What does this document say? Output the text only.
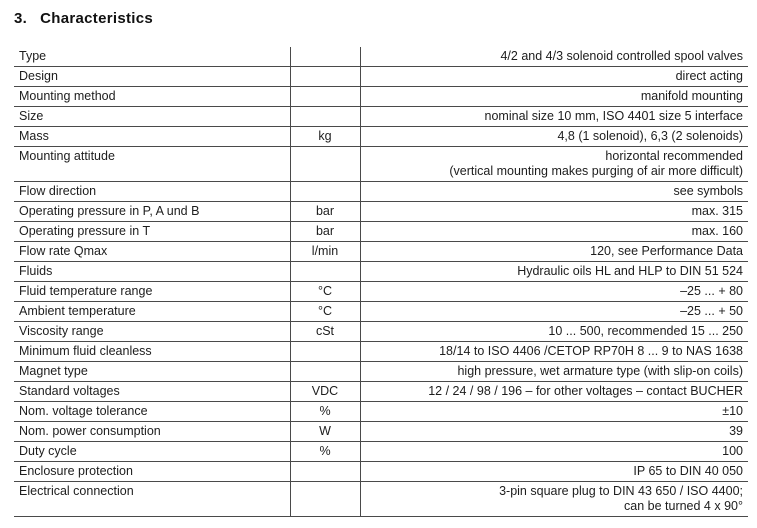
3. Characteristics
Type		4/2 and 4/3 solenoid controlled spool valves

Design		direct acting

Mounting method		manifold mounting

Size		nominal size 10 mm, ISO 4401 size 5 interface

Mass	kg	4,8 (1 solenoid), 6,3 (2 solenoids)

Mounting attitude		horizontal recommended
(vertical mounting makes purging of air more difficult)

Flow direction		see symbols

Operating pressure in P, A und B	bar	max. 315

Operating pressure in T	bar	max. 160

Flow rate Qmax	l/min	120, see Performance Data

Fluids		Hydraulic oils HL and HLP to DIN 51 524

Fluid temperature range	°C	–25 ... + 80

Ambient temperature	°C	–25 ... + 50

Viscosity range	cSt	10 ... 500, recommended 15 ... 250

Minimum fluid cleanless		18/14 to ISO 4406 /CETOP RP70H 8 ... 9 to NAS 1638

Magnet type		high pressure, wet armature type (with slip-on coils)

Standard voltages	VDC	12 / 24 / 98 / 196 – for other voltages – contact BUCHER

Nom. voltage tolerance	%	±10

Nom. power consumption	W	39

Duty cycle	%	100

Enclosure protection		IP 65 to DIN 40 050

Electrical connection		3-pin square plug to DIN 43 650 / ISO 4400;
can be turned 4 x 90°
